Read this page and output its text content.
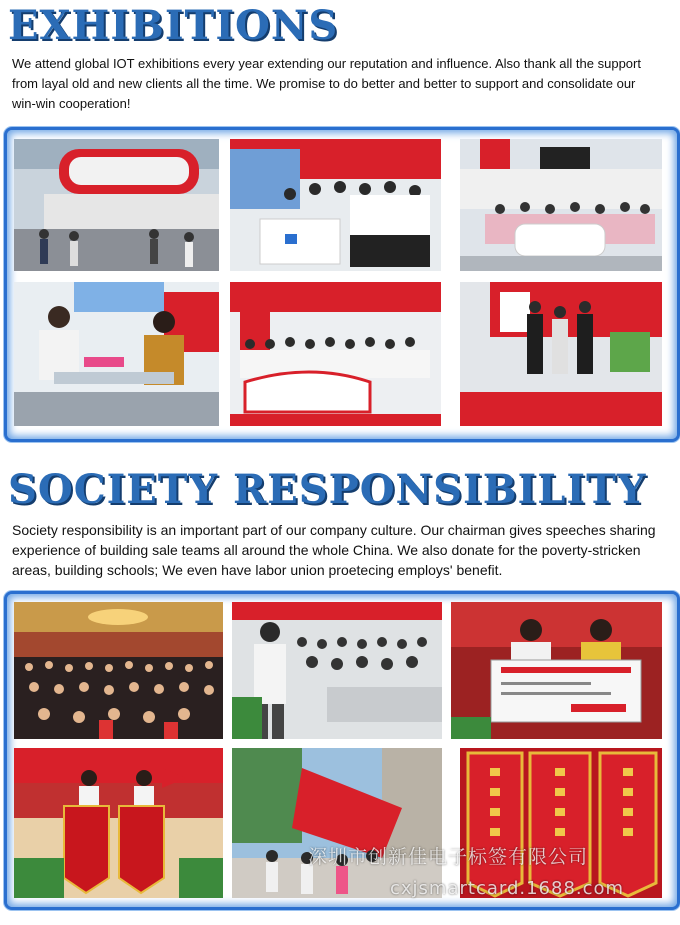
EXHIBITIONS

We attend global IOT exhibitions every year extending our reputation and influence. Also thank all the support from layal old and new clients all the time. We promise to do better and better to support and consolidate our win-win cooperation!

SOCIETY RESPONSIBILITY

Society responsibility is an important part of our company culture. Our chairman gives speeches sharing experience of building sale teams all around the whole China. We also donate for the poverty-stricken areas, building schools; We even have labor union proetecing employs' benefit.

深圳市创新佳电子标签有限公司
cxjsmartcard.1688.com
